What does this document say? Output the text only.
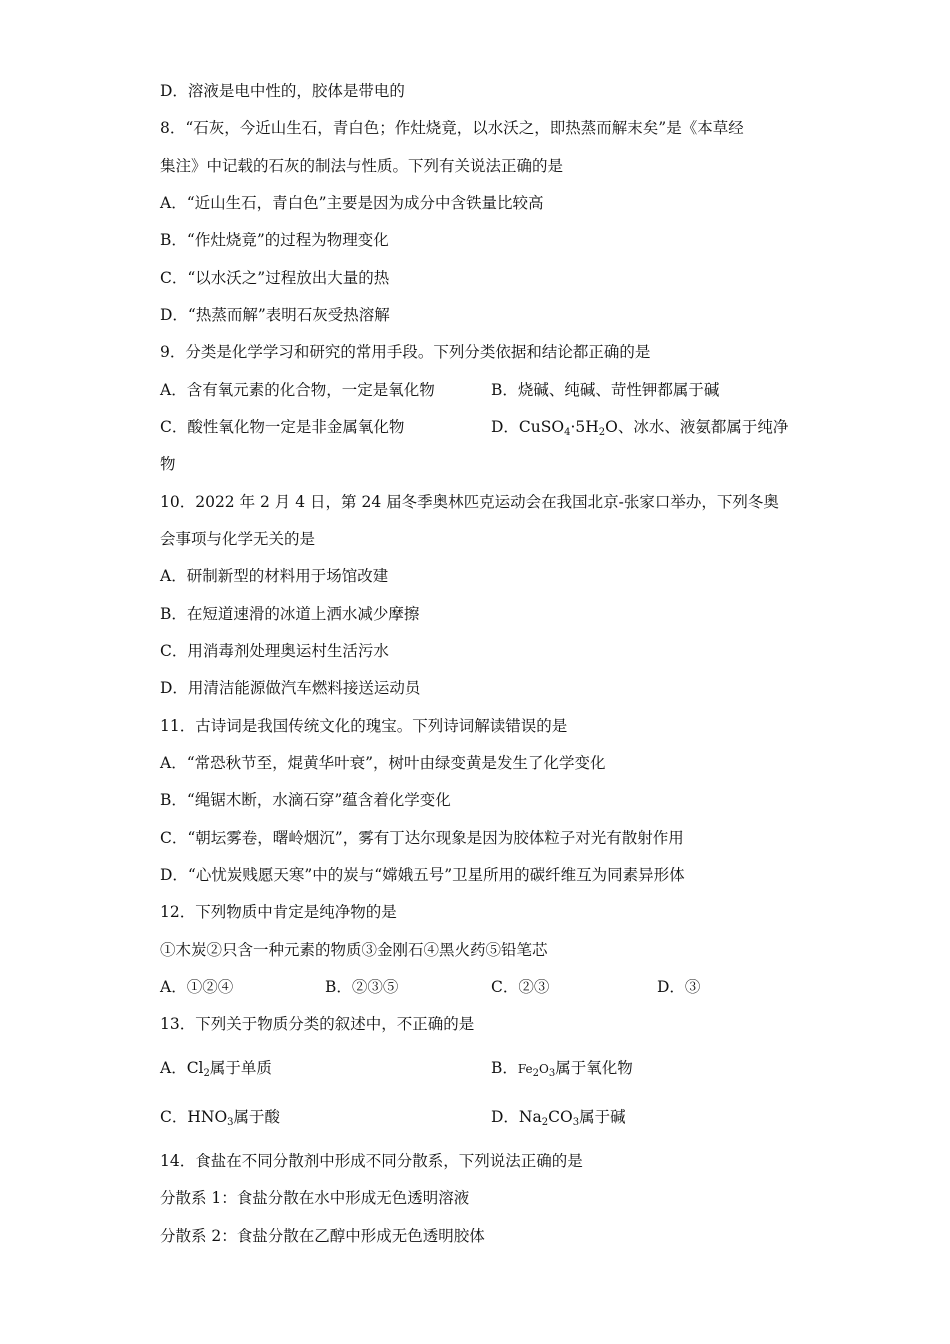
D．溶液是电中性的，胶体是带电的
8．“石灰，今近山生石，青白色；作灶烧竟，以水沃之，即热蒸而解末矣”是《本草经
集注》中记载的石灰的制法与性质。下列有关说法正确的是
A．“近山生石，青白色”主要是因为成分中含铁量比较高
B．“作灶烧竟”的过程为物理变化
C．“以水沃之”过程放出大量的热
D．“热蒸而解”表明石灰受热溶解
9．分类是化学学习和研究的常用手段。下列分类依据和结论都正确的是
A．含有氧元素的化合物，一定是氧化物	B．烧碱、纯碱、苛性钾都属于碱
C．酸性氧化物一定是非金属氧化物	D．$CuSO_4\cdot 5H_2O$、冰水、液氨都属于纯净
物
10．2022 年 2 月 4 日，第 24 届冬季奥林匹克运动会在我国北京-张家口举办，下列冬奥
会事项与化学无关的是
A．研制新型的材料用于场馆改建
B．在短道速滑的冰道上洒水减少摩擦
C．用消毒剂处理奥运村生活污水
D．用清洁能源做汽车燃料接送运动员
11．古诗词是我国传统文化的瑰宝。下列诗词解读错误的是
A．“常恐秋节至，焜黄华叶衰”，树叶由绿变黄是发生了化学变化
B．“绳锯木断，水滴石穿”蕴含着化学变化
C．“朝坛雾卷，曙岭烟沉”，雾有丁达尔现象是因为胶体粒子对光有散射作用
D．“心忧炭贱愿天寒”中的炭与“嫦娥五号”卫星所用的碳纤维互为同素异形体
12．下列物质中肯定是纯净物的是
①木炭②只含一种元素的物质③金刚石④黑火药⑤铅笔芯
A．①②④	B．②③⑤	C．②③	D．③
13．下列关于物质分类的叙述中，不正确的是
A．$Cl_2$属于单质	B．$Fe_2O_3$属于氧化物
C．$HNO_3$属于酸	D．$Na_2CO_3$属于碱
14．食盐在不同分散剂中形成不同分散系，下列说法正确的是
分散系 1：食盐分散在水中形成无色透明溶液
分散系 2：食盐分散在乙醇中形成无色透明胶体
